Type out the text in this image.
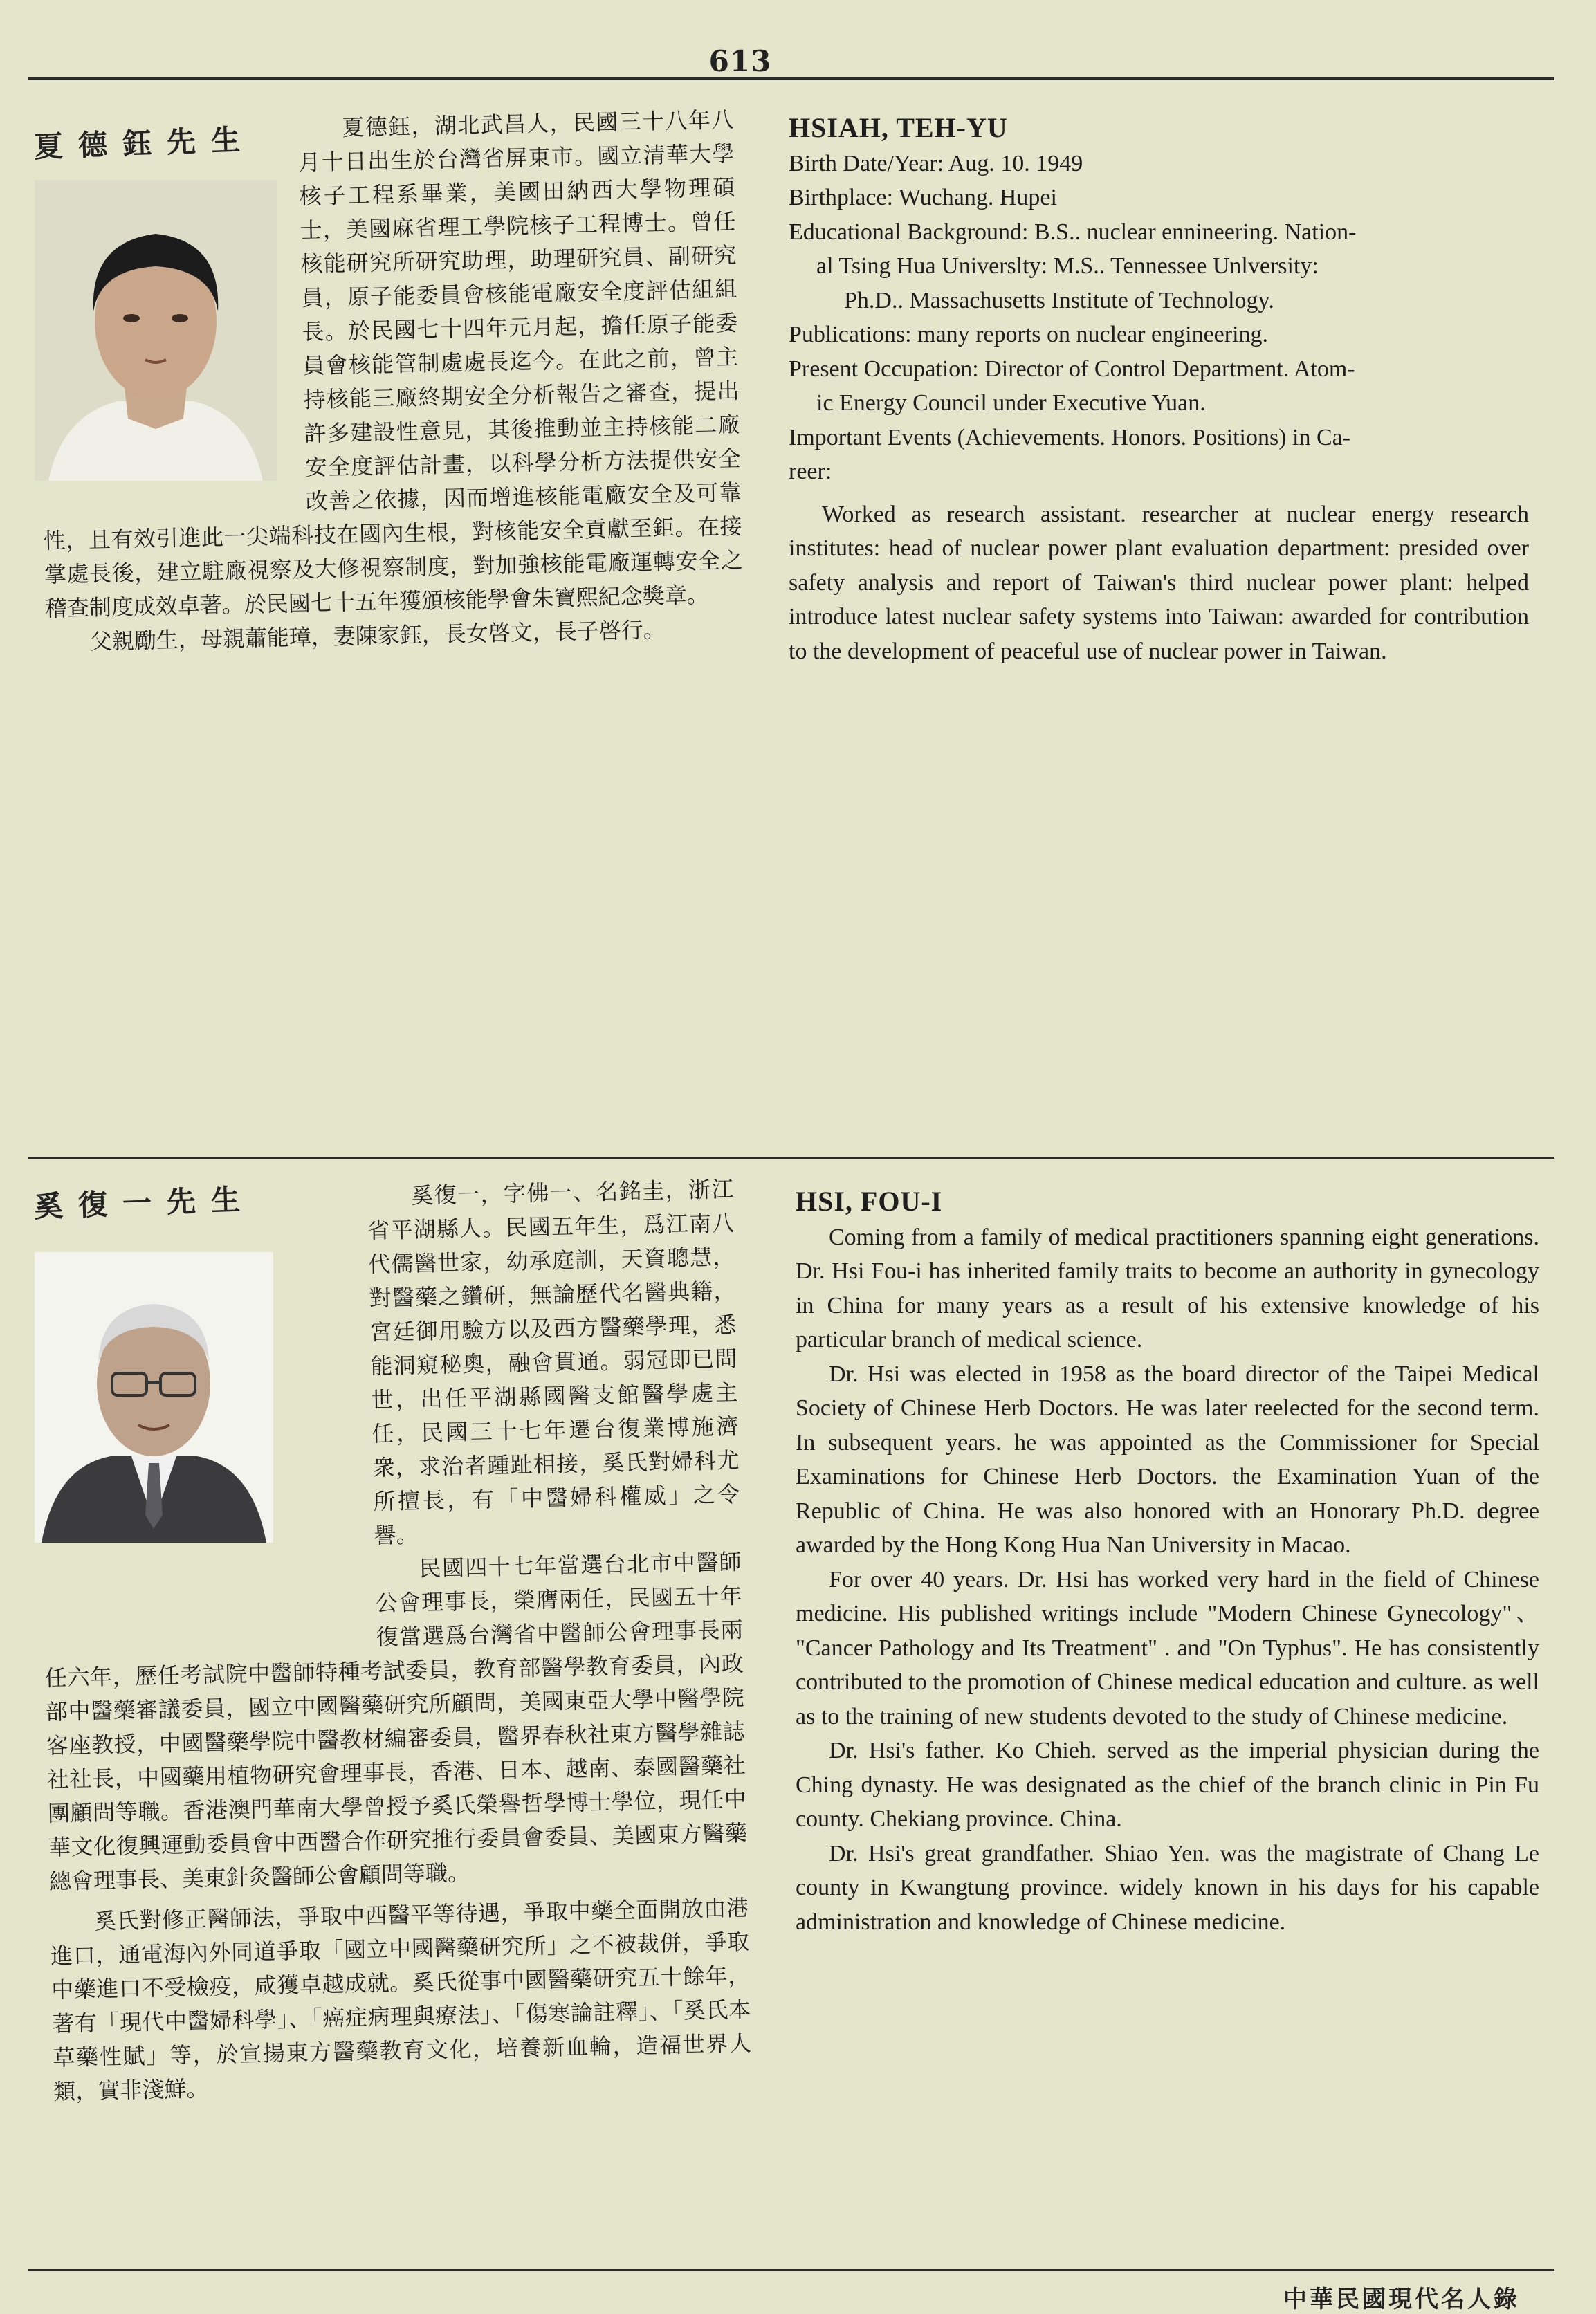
613
夏德鈺先生	夏德鈺，湖北武昌人，民國三十八年八月十日出生於台灣省屏東市。國立清華大學核子工程系畢業，美國田納西大學物理碩士，美國麻省理工學院核子工程博士。曾任核能研究所研究助理，助理研究員、副研究員，原子能委員會核能電廠安全度評估組組長。於民國七十四年元月起，擔任原子能委員會核能管制處處長迄今。在此之前，曾主持核能三廠終期安全分析報告之審查，提出許多建設性意見，其後推動並主持核能二廠安全度評估計畫，以科學分析方法提供安全改善之依據，因而增進核能電廠安全及可靠性，且有效引進此一尖端科技在國內生根，對核能安全貢獻至鉅。在接掌處長後，建立駐廠視察及大修視察制度，對加強核能電廠運轉安全之稽查制度成效卓著。於民國七十五年獲頒核能學會朱寶熙紀念獎章。

父親勵生，母親蕭能璋，妻陳家鈺，長女啓文，長子啓行。

HSIAH, TEH-YU
Birth Date/Year: Aug. 10. 1949
Birthplace: Wuchang. Hupei
Educational Background: B.S.. nuclear ennineering. Nation-
al Tsing Hua Universlty: M.S.. Tennessee Unlversity:
Ph.D.. Massachusetts Institute of Technology.
Publications: many reports on nuclear engineering.
Present Occupation: Director of Control Department. Atom-
ic Energy Council under Executive Yuan.
Important Events (Achievements. Honors. Positions) in Ca-
reer:

Worked as research assistant. researcher at nuclear energy research institutes: head of nuclear power plant evaluation department: presided over safety analysis and report of Taiwan's third nuclear power plant: helped introduce latest nuclear safety systems into Taiwan: awarded for contribution to the development of peaceful use of nuclear power in Taiwan.

奚復一先生	奚復一，字佛一、名銘圭，浙江省平湖縣人。民國五年生，爲江南八代儒醫世家，幼承庭訓，天資聰慧，對醫藥之鑽研，無論歷代名醫典籍，宮廷御用驗方以及西方醫藥學理，悉能洞窺秘奧，融會貫通。弱冠即已問世，出任平湖縣國醫支館醫學處主任，民國三十七年遷台復業博施濟衆，求治者踵趾相接，奚氏對婦科尤所擅長，有「中醫婦科權威」之令譽。

民國四十七年當選台北市中醫師公會理事長，榮膺兩任，民國五十年復當選爲台灣省中醫師公會理事長兩任六年，歷任考試院中醫師特種考試委員，教育部醫學教育委員，內政部中醫藥審議委員，國立中國醫藥研究所顧問，美國東亞大學中醫學院客座教授，中國醫藥學院中醫教材編審委員，醫界春秋社東方醫學雜誌社社長，中國藥用植物研究會理事長，香港、日本、越南、泰國醫藥社團顧問等職。香港澳門華南大學曾授予奚氏榮譽哲學博士學位，現任中華文化復興運動委員會中西醫合作研究推行委員會委員、美國東方醫藥總會理事長、美東針灸醫師公會顧問等職。

奚氏對修正醫師法，爭取中西醫平等待遇，爭取中藥全面開放由港進口，通電海內外同道爭取「國立中國醫藥研究所」之不被裁併，爭取中藥進口不受檢疫，咸獲卓越成就。奚氏從事中國醫藥研究五十餘年，著有「現代中醫婦科學」、「癌症病理與療法」、「傷寒論註釋」、「奚氏本草藥性賦」等，於宣揚東方醫藥教育文化，培養新血輪，造福世界人類，實非淺鮮。

HSI, FOU-I

Coming from a family of medical practitioners spanning eight generations. Dr. Hsi Fou-i has inherited family traits to become an authority in gynecology in China for many years as a result of his extensive knowledge of his particular branch of medical science.

Dr. Hsi was elected in 1958 as the board director of the Taipei Medical Society of Chinese Herb Doctors. He was later reelected for the second term. In subsequent years. he was appointed as the Commissioner for Special Examinations for Chinese Herb Doctors. the Examination Yuan of the Republic of China. He was also honored with an Honorary Ph.D. degree awarded by the Hong Kong Hua Nan University in Macao.

For over 40 years. Dr. Hsi has worked very hard in the field of Chinese medicine. His published writings include "Modern Chinese Gynecology"、 "Cancer Pathology and Its Treatment" . and "On Typhus". He has consistently contributed to the promotion of Chinese medical education and culture. as well as to the training of new students devoted to the study of Chinese medicine.

Dr. Hsi's father. Ko Chieh. served as the imperial physician during the Ching dynasty. He was designated as the chief of the branch clinic in Pin Fu county. Chekiang province. China.

Dr. Hsi's great grandfather. Shiao Yen. was the magistrate of Chang Le county in Kwangtung province. widely known in his days for his capable administration and knowledge of Chinese medicine.

中華民國現代名人錄
